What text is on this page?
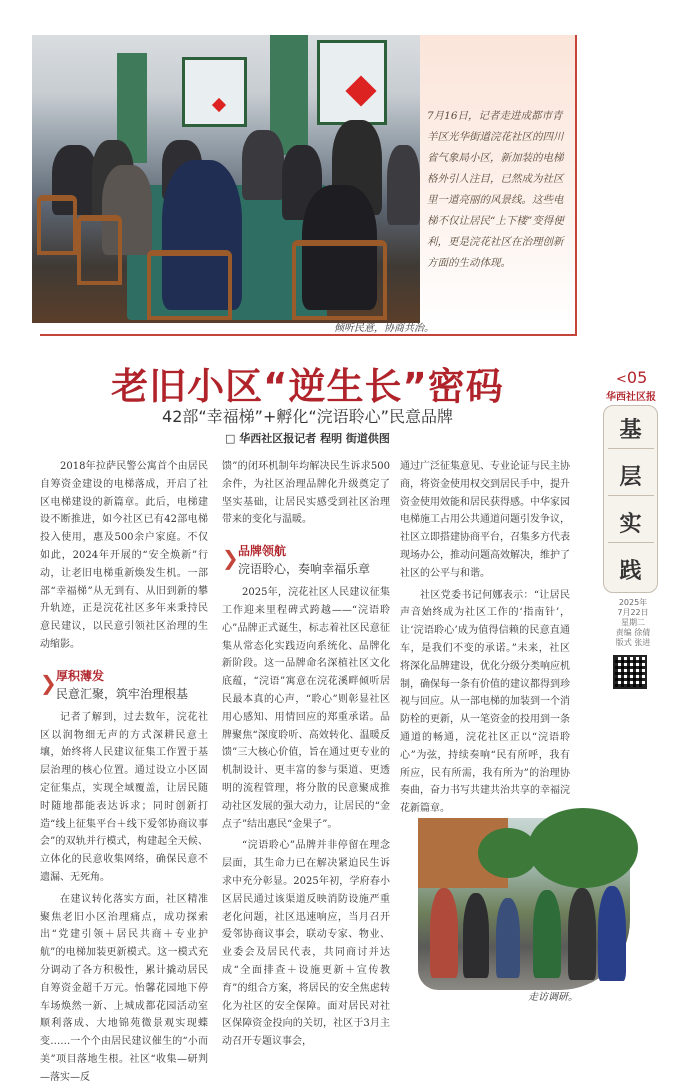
7月16日，记者走进成都市青羊区光华街道浣花社区的四川省气象局小区，新加装的电梯格外引人注目，已然成为社区里一道亮丽的风景线。这些电梯不仅让居民“上下楼”变得便利，更是浣花社区在治理创新方面的生动体现。
倾听民意，协商共治。
老旧小区“逆生长”密码
42部“幸福梯”+孵化“浣语聆心”民意品牌
□ 华西社区报记者 程明 街道供图

2018年拉萨民警公寓首个由居民自筹资金建设的电梯落成，开启了社区电梯建设的新篇章。此后，电梯建设不断推进，如今社区已有42部电梯投入使用，惠及500余户家庭。不仅如此，2024年开展的“安全焕新”行动，让老旧电梯重新焕发生机。一部部“幸福梯”从无到有、从旧到新的攀升轨迹，正是浣花社区多年来秉持民意民建议，以民意引领社区治理的生动缩影。

❯ 厚积薄发
民意汇聚，筑牢治理根基

记者了解到，过去数年，浣花社区以润物细无声的方式深耕民意土壤，始终将人民建议征集工作置于基层治理的核心位置。通过设立小区固定征集点，实现全域覆盖，让居民随时随地都能表达诉求；同时创新打造“线上征集平台＋线下爱邻协商议事会”的双轨并行模式，构建起全天候、立体化的民意收集网络，确保民意不遗漏、无死角。

在建议转化落实方面，社区精准聚焦老旧小区治理痛点，成功探索出“党建引领＋居民共商＋专业护航”的电梯加装更新模式。这一模式充分调动了各方积极性，累计撬动居民自筹资金超千万元。怡馨花园地下停车场焕然一新、上城成都花园活动室顺利落成、大地锦苑微景观实现蝶变……一个个由居民建议催生的“小而美”项目落地生根。社区“收集—研判—落实—反

馈”的闭环机制年均解决民生诉求500余件，为社区治理品牌化升级奠定了坚实基础，让居民实感受到社区治理带来的变化与温暖。

❯ 品牌领航
浣语聆心，奏响幸福乐章

2025年，浣花社区人民建议征集工作迎来里程碑式跨越——“浣语聆心”品牌正式诞生，标志着社区民意征集从常态化实践迈向系统化、品牌化新阶段。这一品牌命名深植社区文化底蕴，“浣语”寓意在浣花溪畔倾听居民最本真的心声，“聆心”则彰显社区用心感知、用情回应的郑重承诺。品牌聚焦“深度聆听、高效转化、温暖反馈”三大核心价值，旨在通过更专业的机制设计、更丰富的参与渠道、更透明的流程管理，将分散的民意聚成推动社区发展的强大动力，让居民的“金点子”结出惠民“金果子”。

“浣语聆心”品牌并非停留在理念层面，其生命力已在解决紧迫民生诉求中充分彰显。2025年初，学府春小区居民通过该渠道反映消防设施严重老化问题，社区迅速响应，当月召开爱邻协商议事会，联动专家、物业、业委会及居民代表，共同商讨并达成“全面排查＋设施更新＋宣传教育”的组合方案，将居民的安全焦虑转化为社区的安全保障。面对居民对社区保障资金投向的关切，社区于3月主动召开专题议事会，

通过广泛征集意见、专业论证与民主协商，将资金使用权交到居民手中，提升资金使用效能和居民获得感。中华家园电梯施工占用公共通道问题引发争议，社区立即搭建协商平台，召集多方代表现场办公，推动问题高效解决，维护了社区的公平与和谐。

社区党委书记何娜表示：“让居民声音始终成为社区工作的‘指南针’，让‘浣语聆心’成为值得信赖的民意直通车，是我们不变的承诺。”未来，社区将深化品牌建设，优化分级分类响应机制，确保每一条有价值的建议都得到珍视与回应。从一部电梯的加装到一个消防栓的更新，从一笔资金的投用到一条通道的畅通，浣花社区正以“浣语聆心”为弦，持续奏响“民有所呼，我有所应，民有所需，我有所为”的治理协奏曲，奋力书写共建共治共享的幸福浣花新篇章。

走访调研。
<05
华西社区报
基
层
实
践
2025年
7月22日
星期二
责编 徐倩
版式 张进
